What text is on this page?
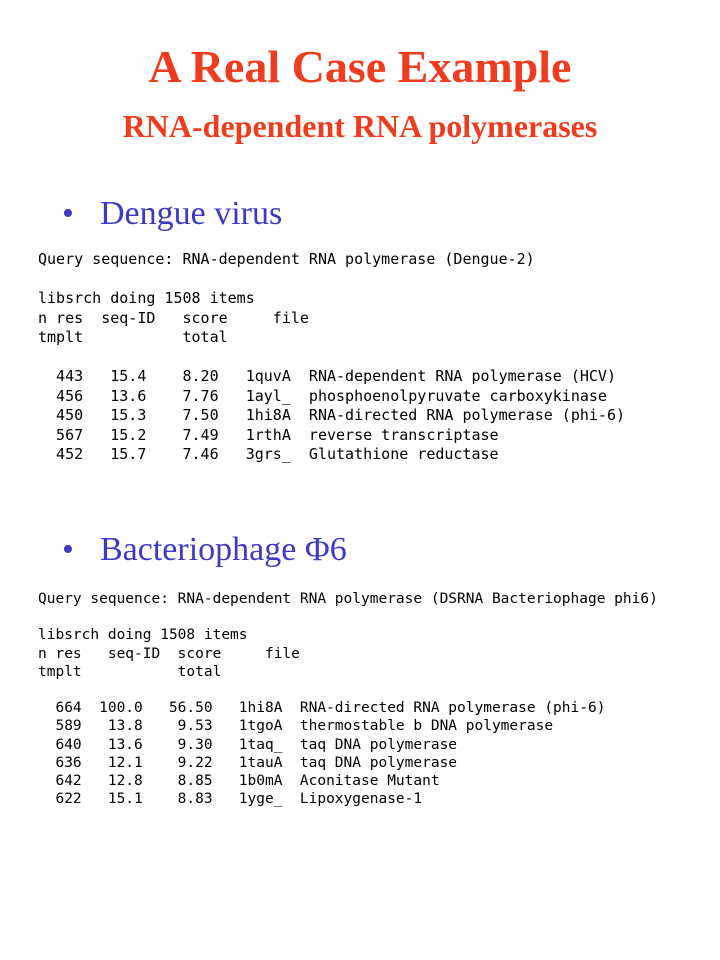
A Real Case Example
RNA-dependent RNA polymerases
• Dengue virus
Query sequence: RNA-dependent RNA polymerase (Dengue-2)
libsrch doing 1508 items
n res  seq-ID   score     file
tmplt           total
443   15.4    8.20   1quvA  RNA-dependent RNA polymerase (HCV)
456   13.6    7.76   1ayl_  phosphoenolpyruvate carboxykinase
450   15.3    7.50   1hi8A  RNA-directed RNA polymerase (phi-6)
567   15.2    7.49   1rthA  reverse transcriptase
452   15.7    7.46   3grs_  Glutathione reductase
• Bacteriophage Φ6
Query sequence: RNA-dependent RNA polymerase (DSRNA Bacteriophage phi6)
libsrch doing 1508 items
n res   seq-ID  score     file
tmplt           total
664  100.0   56.50   1hi8A  RNA-directed RNA polymerase (phi-6)
589   13.8    9.53   1tgoA  thermostable b DNA polymerase
640   13.6    9.30   1taq_  taq DNA polymerase
636   12.1    9.22   1tauA  taq DNA polymerase
642   12.8    8.85   1b0mA  Aconitase Mutant
622   15.1    8.83   1yge_  Lipoxygenase-1
